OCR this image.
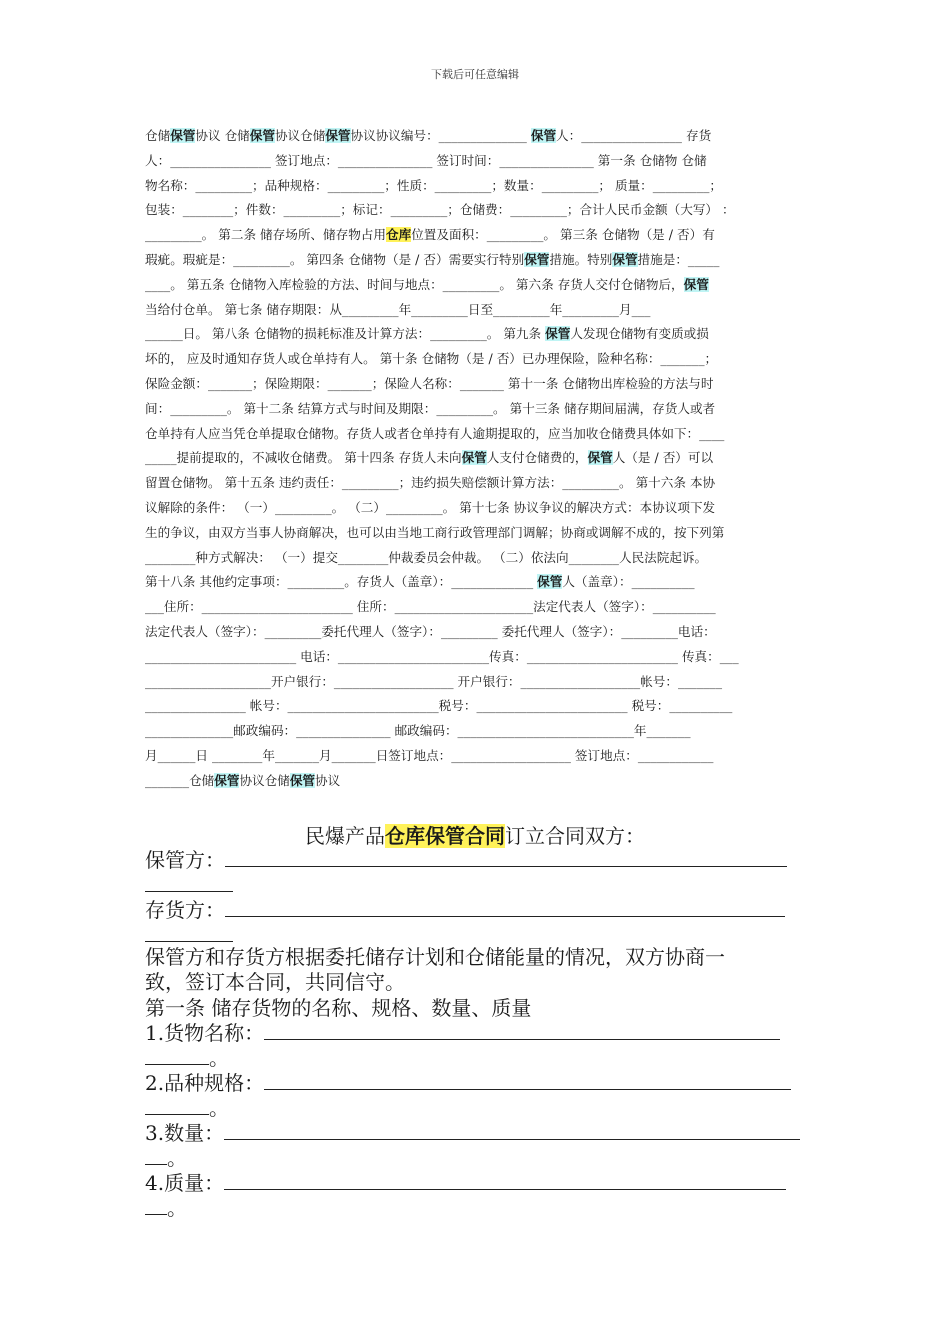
下载后可任意编辑
仓储保管协议 仓储保管协议仓储保管协议协议编号：______________ 保管人：________________ 存货
人：________________ 签订地点：_______________ 签订时间：_______________ 第一条 仓储物 仓储
物名称：_________；品种规格：_________；性质：_________；数量：_________； 质量：_________；
包装：________；件数：_________；标记：_________；仓储费：_________；合计人民币金额（大写） ：
_________。 第二条 储存场所、储存物占用仓库位置及面积：_________。 第三条 仓储物（是 / 否）有
瑕疵。瑕疵是：_________。 第四条 仓储物（是 / 否）需要实行特别保管措施。特别保管措施是：_____
____。 第五条 仓储物入库检验的方法、时间与地点：_________。 第六条 存货人交付仓储物后，保管
当给付仓单。 第七条 储存期限：从_________年_________日至_________年_________月___
______日。 第八条 仓储物的损耗标准及计算方法：_________。 第九条 保管人发现仓储物有变质或损
坏的， 应及时通知存货人或仓单持有人。 第十条 仓储物（是 / 否）已办理保险，险种名称：_______；
保险金额：_______；保险期限：_______；保险人名称：_______ 第十一条 仓储物出库检验的方法与时
间：_________。 第十二条 结算方式与时间及期限：_________。 第十三条 储存期间届满，存货人或者
仓单持有人应当凭仓单提取仓储物。存货人或者仓单持有人逾期提取的，应当加收仓储费具体如下：____
_____提前提取的，不减收仓储费。 第十四条 存货人未向保管人支付仓储费的，保管人（是 / 否）可以
留置仓储物。 第十五条 违约责任：_________；违约损失赔偿额计算方法：_________。 第十六条 本协
议解除的条件： （一）_________。 （二）_________。 第十七条 协议争议的解决方式：本协议项下发
生的争议，由双方当事人协商解决，也可以由当地工商行政管理部门调解；协商或调解不成的，按下列第
________种方式解决： （一）提交________仲裁委员会仲裁。 （二）依法向________人民法院起诉。
第十八条 其他约定事项：_________。存货人（盖章）：_____________ 保管人（盖章）：__________
___住所：________________________ 住所：______________________法定代表人（签字）：__________
法定代表人（签字）：_________委托代理人（签字）：_________ 委托代理人（签字）：_________电话：
________________________ 电话：________________________传真：________________________ 传真：___
____________________开户银行：___________________ 开户银行：___________________帐号：_______
________________ 帐号：________________________税号：________________________ 税号：__________
______________邮政编码：_______________ 邮政编码：____________________________年_______
月______日 ________年_______月_______日签订地点：___________________ 签订地点：____________
_______仓储保管协议仓储保管协议
民爆产品仓库保管合同订立合同双方：
保管方：
存货方：
保管方和存货方根据委托储存计划和仓储能量的情况，双方协商一
致，签订本合同，共同信守。
第一条 储存货物的名称、规格、数量、质量
1.货物名称：
。
2.品种规格：
。
3.数量：
。
4.质量：
。
